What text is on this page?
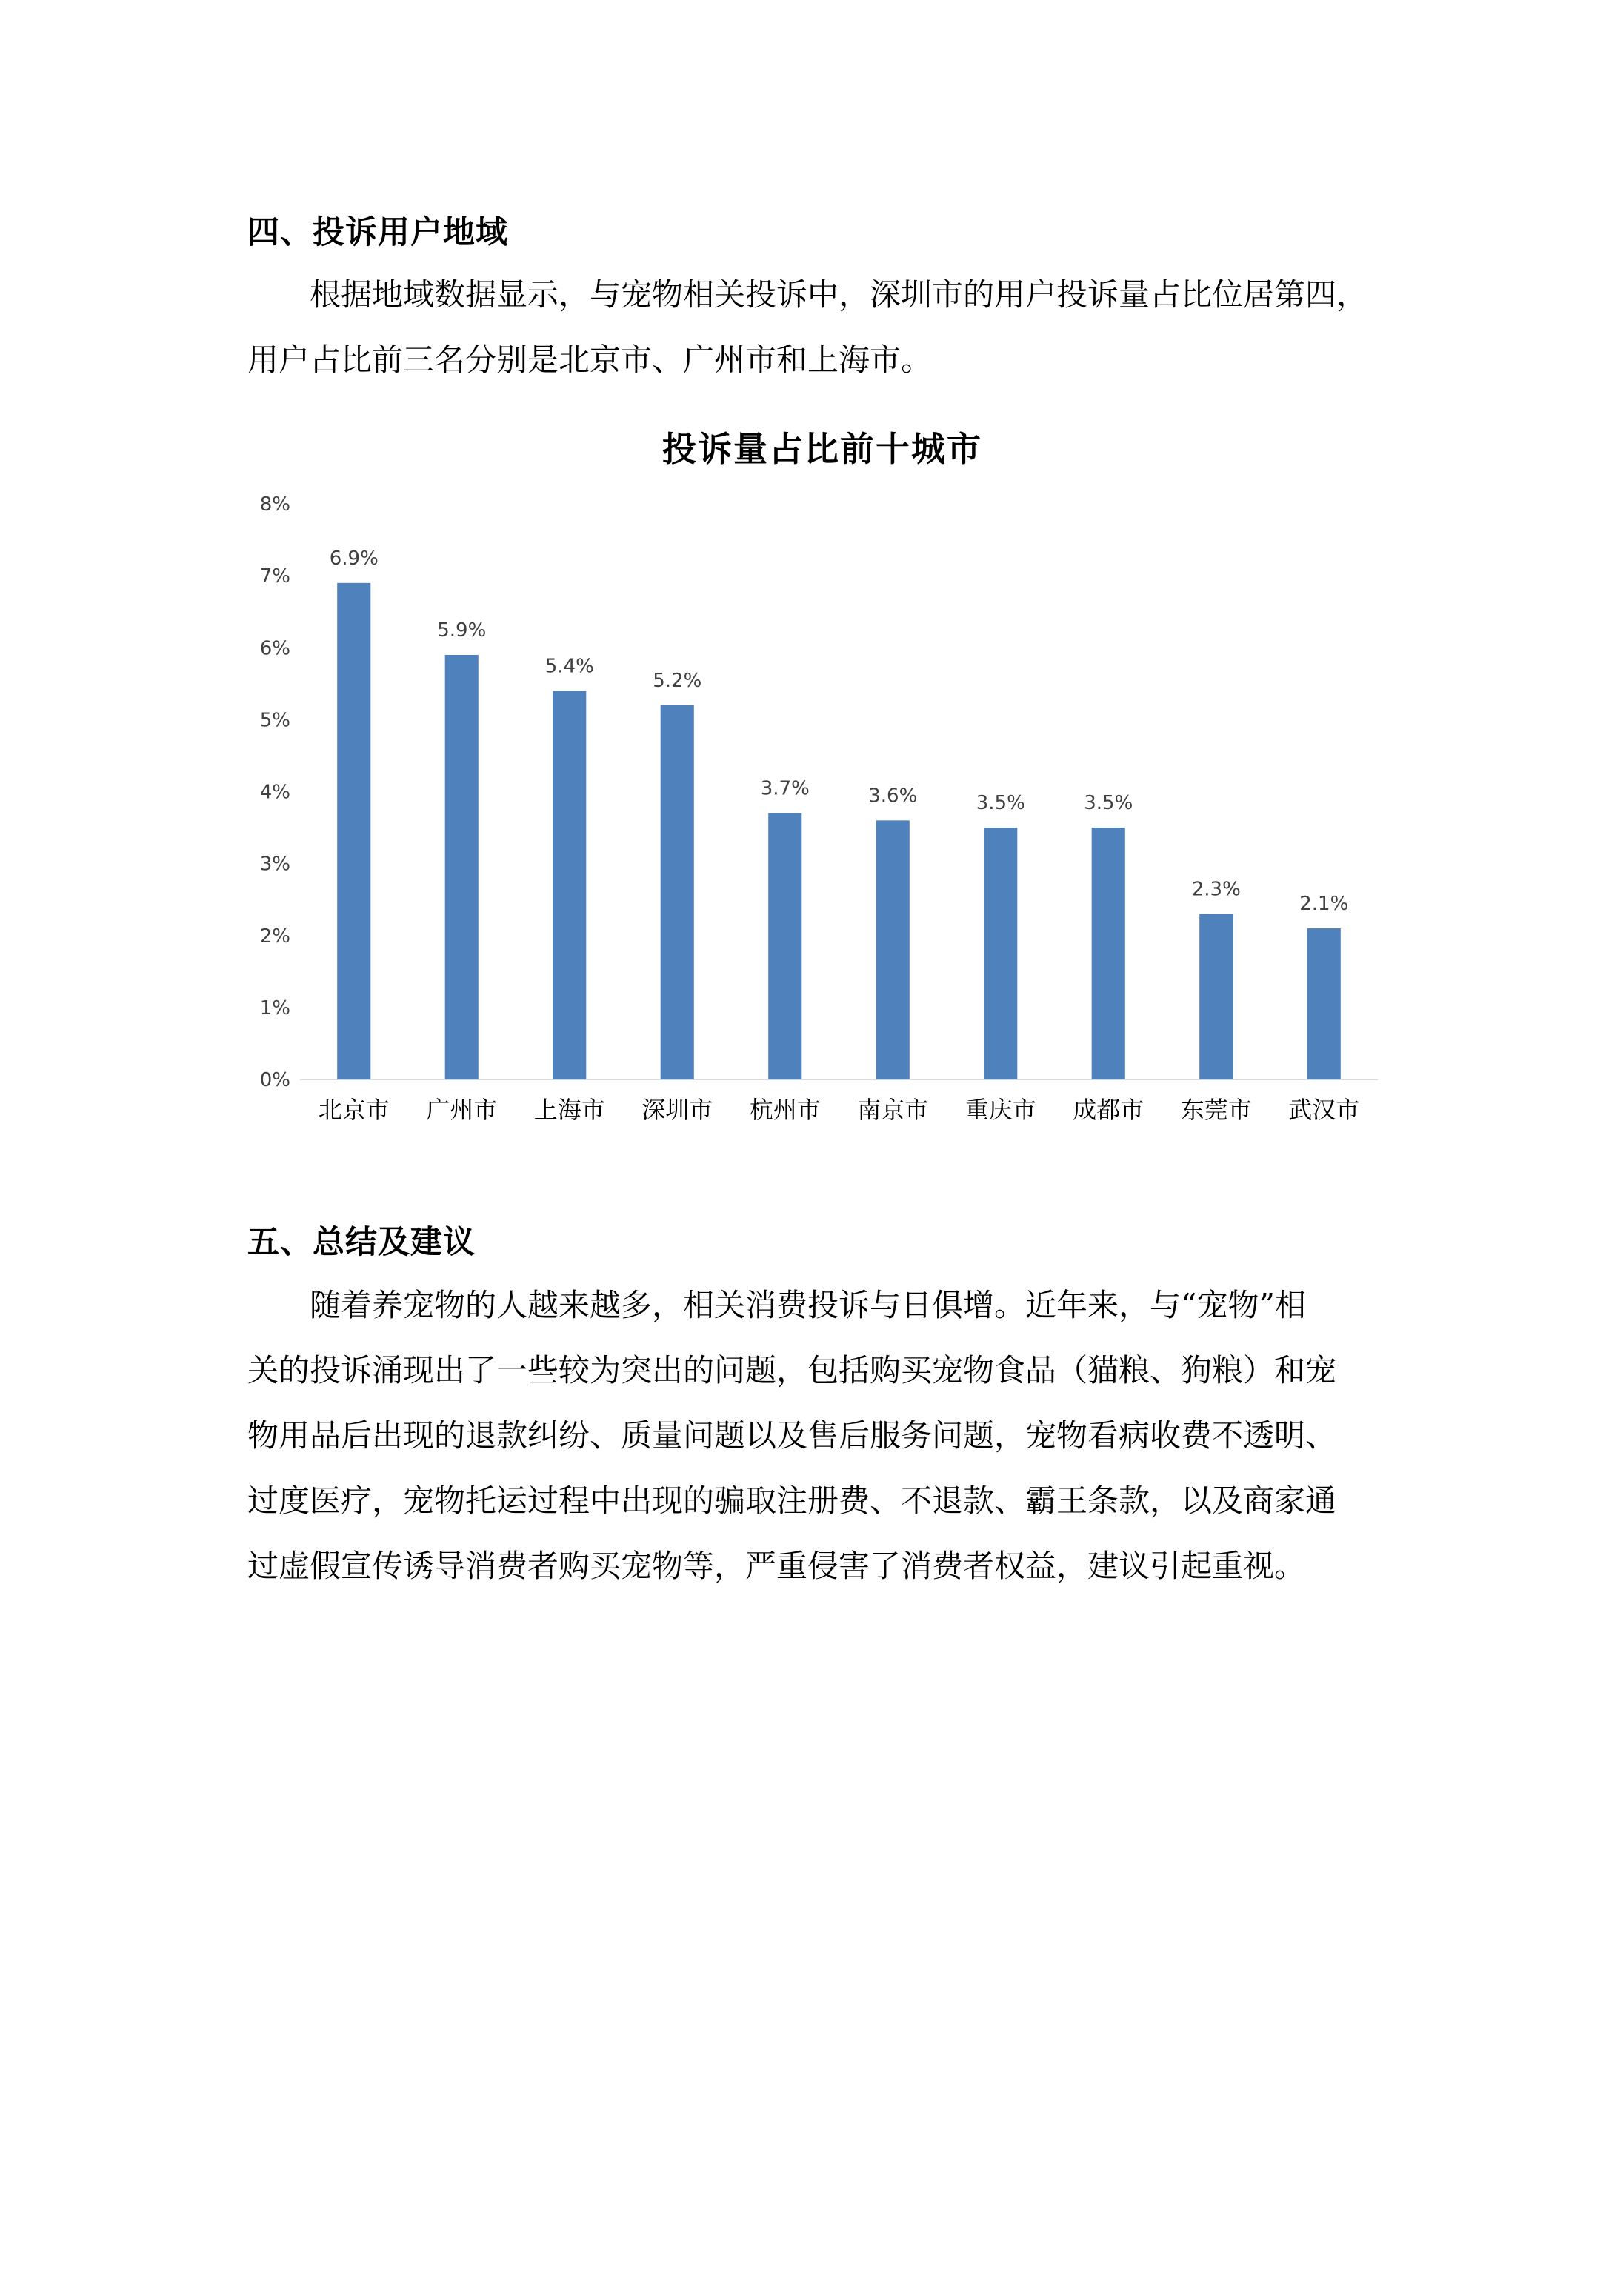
四、投诉用户地域
根据地域数据显示，与宠物相关投诉中，深圳市的用户投诉量占比位居第四，
用户占比前三名分别是北京市、广州市和上海市。
投诉量占比前十城市
0%
1%
2%
3%
4%
5%
6%
7%
8%
6.9%
5.9%
5.4%
5.2%
3.7%	3.6%	3.5%	3.5%
2.3%
2.1%
北京市 广州市 上海市 深圳市 杭州市 南京市 重庆市 成都市 东莞市 武汉市
五、总结及建议
随着养宠物的人越来越多，相关消费投诉与日俱增。近年来，与“宠物”相
关的投诉涌现出了一些较为突出的问题，包括购买宠物食品（猫粮、狗粮）和宠
物用品后出现的退款纠纷、质量问题以及售后服务问题，宠物看病收费不透明、
过度医疗，宠物托运过程中出现的骗取注册费、不退款、霸王条款，以及商家通
过虚假宣传诱导消费者购买宠物等，严重侵害了消费者权益，建议引起重视。
